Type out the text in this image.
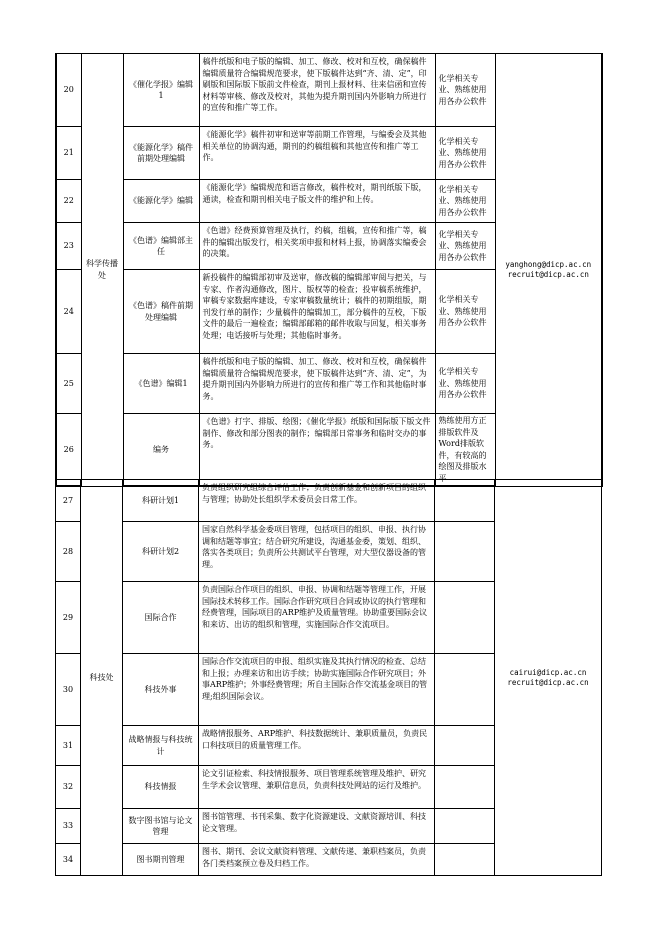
20	科学传播处	《催化学报》编辑1	稿件纸版和电子版的编辑、加工、修改、校对和互校，确保稿件编辑质量符合编辑规范要求，使下版稿件达到“齐、清、定”，印刷版和国际版下版前文件检查，期刊上报材料、往来信函和宣传材料等审核、修改及校对，其他为提升期刊国内外影响力所进行的宣传和推广等工作。	化学相关专业、熟练使用用各办公软件	yanghong@dicp.ac.cn
recruit@dicp.ac.cn

21		《能源化学》稿件前期处理编辑	《能源化学》稿件初审和送审等前期工作管理，与编委会及其他相关单位的协调沟通，期刊的约稿组稿和其他宣传和推广等工作。	化学相关专业、熟练使用用各办公软件	
22		《能源化学》编辑	《能源化学》编辑规范和语言修改，稿件校对，期刊纸版下版，通读，检查和期刊相关电子版文件的维护和上传。	化学相关专业、熟练使用用各办公软件	
23		《色谱》编辑部主任	《色谱》经费预算管理及执行，约稿，组稿，宣传和推广等，稿件的编辑出版发行，相关奖项申报和材料上报，协调落实编委会的决策。	化学相关专业、熟练使用用各办公软件	
24		《色谱》稿件前期处理编辑	新投稿件的编辑部初审及送审，修改稿的编辑部审阅与把关，与专家、作者沟通修改，图片、版权等的检查；投审稿系统维护，审稿专家数据库建设，专家审稿数量统计；稿件的初期组版，期刊发行单的制作；少量稿件的编辑加工，部分稿件的互校，下版文件的最后一遍检查；编辑部邮箱的邮件收取与回复，相关事务处理；电话接听与处理；其他临时事务。	化学相关专业、熟练使用用各办公软件	
25		《色谱》编辑1	稿件纸版和电子版的编辑、加工、修改、校对和互校，确保稿件编辑质量符合编辑规范要求，使下版稿件达到“齐、清、定”，为提升期刊国内外影响力所进行的宣传和推广等工作和其他临时事务。	化学相关专业、熟练使用用各办公软件	
26		编务	《色谱》打字、排版、绘图；《催化学报》纸版和国际版下版文件制作、修改和部分图表的制作；编辑部日常事务和临时交办的事务。	熟练使用方正排版软件及Word排版软件，有较高的绘图及排版水平	
27	科技处	科研计划1	负责组织研究组综合评估工作；负责创新基金和创新项目的组织与管理；协助处长组织学术委员会日常工作。		cairui@dicp.ac.cn
recruit@dicp.ac.cn

28		科研计划2	国家自然科学基金委项目管理，包括项目的组织、申报、执行协调和结题等事宜；结合研究所建设，沟通基金委，策划、组织、落实各类项目；负责所公共测试平台管理，对大型仪器设备的管理。		
29		国际合作	负责国际合作项目的组织、申报、协调和结题等管理工作，开展国际技术转移工作。国际合作研究项目合同或协议的执行管理和经费管理，国际项目的ARP维护及质量管理。协助重要国际会议和来访、出访的组织和管理，实施国际合作交流项目。		
30		科技外事	国际合作交流项目的申报、组织实施及其执行情况的检查、总结和上报；办理来访和出访手续；协助实施国际合作研究项目；外事ARP维护；外事经费管理；所自主国际合作交流基金项目的管理;组织国际会议。		
31		战略情报与科技统计	战略情报服务、ARP维护、科技数据统计、兼职质量员，负责民口科技项目的质量管理工作。		
32		科技情报	论文引证检索、科技情报服务、项目管理系统管理及维护、研究生学术会议管理、兼职信息员，负责科技处网站的运行及维护。		
33		数字图书馆与论文管理	图书馆管理、书刊采集、数字化资源建设、文献资源培训、科技论文管理。		
34		图书期刊管理	图书、期刊、会议文献资料管理、文献传递、兼职档案员，负责各门类档案预立卷及归档工作。		
